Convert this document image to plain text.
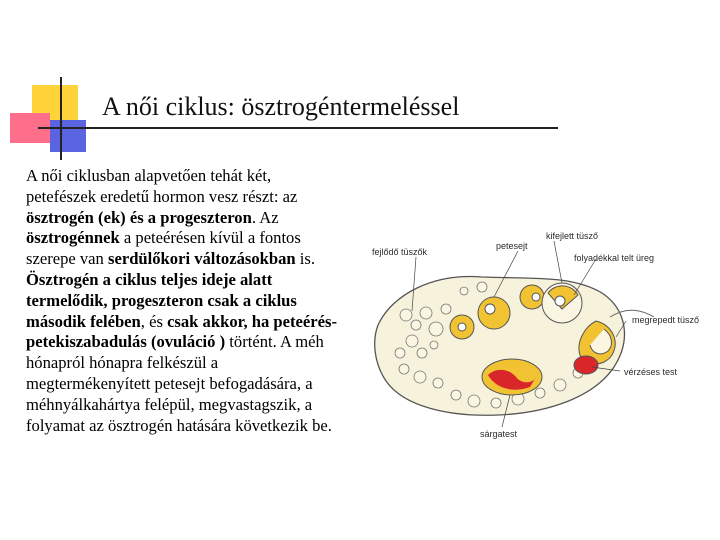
A női ciklus: ösztrogéntermeléssel
A női ciklusban alapvetően tehát két, petefészek eredetű hormon vesz részt: az ösztrogén (ek) és a progeszteron. Az ösztrogénnek a peteérésen kívül a fontos szerepe van serdülőkori változásokban is. Ösztrogén a ciklus teljes ideje alatt termelődik, progeszteron csak a ciklus második felében, és csak akkor, ha peteérés-petekiszabadulás (ovuláció ) történt. A méh hónapról hónapra felkészül a megtermékenyített petesejt befogadására, a méhnyálkahártya felépül, megvastagszik, a folyamat az ösztrogén hatására következik be.
fejlődő tüszők
petesejt
kifejlett tüsző
folyadékkal telt üreg
megrepedt tüsző
vérzéses test
sárgatest
